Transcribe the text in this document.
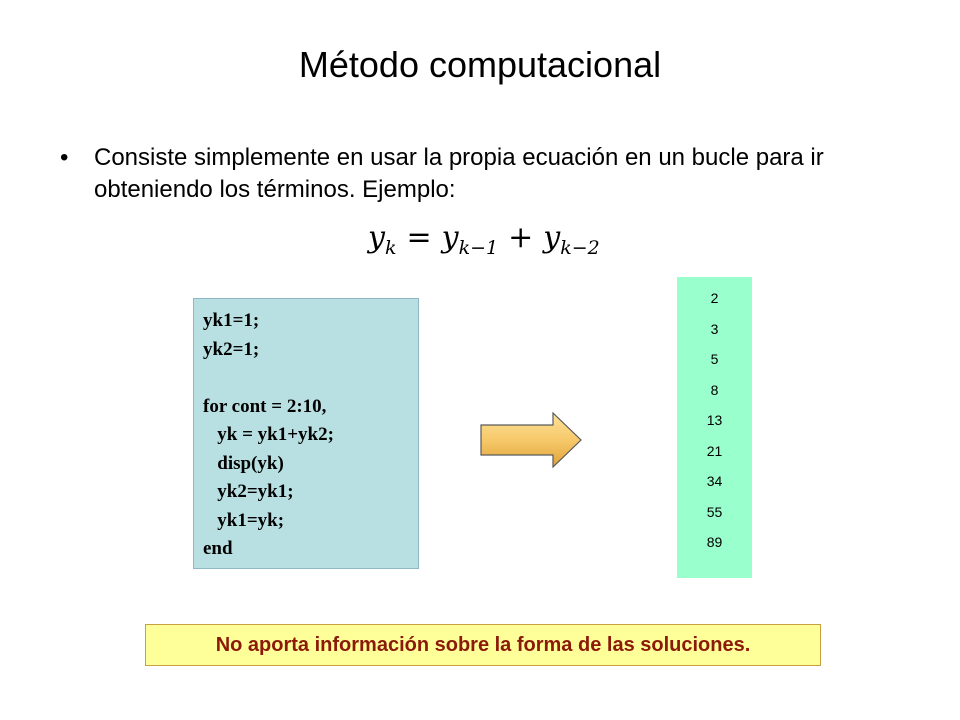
Método computacional
• Consiste simplemente en usar la propia ecuación en un bucle para ir obteniendo los términos. Ejemplo:
$y_k = y_{k-1} + y_{k-2}$
yk1=1;
yk2=1;
for cont = 2:10,
yk = yk1+yk2;
disp(yk)
yk2=yk1;
yk1=yk;
end
2
3
5
8
13
21
34
55
89
No aporta información sobre la forma de las soluciones.
